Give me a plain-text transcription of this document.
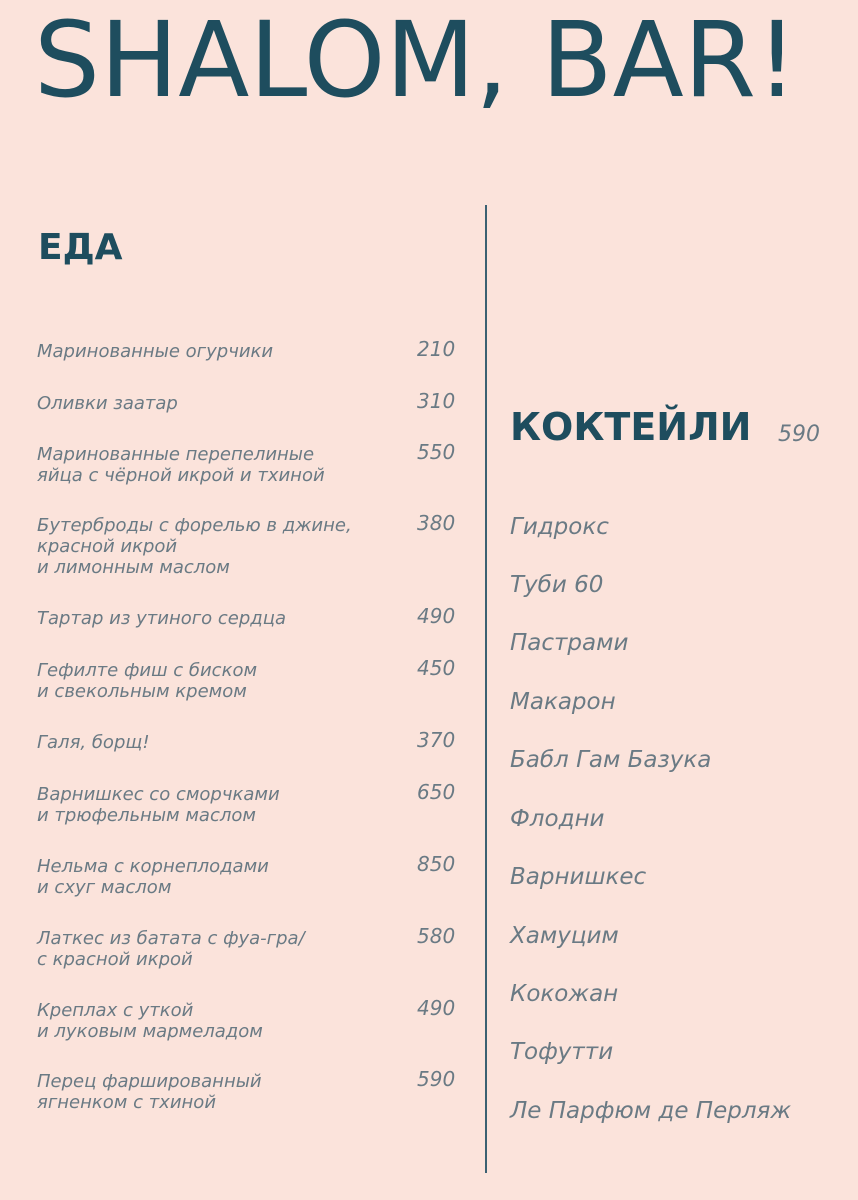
SHALOM, BAR!
ЕДА
Маринованные огурчики	210
Оливки заатар	310
Маринованные перепелиные
яйца с чёрной икрой и тхиной
550
Бутерброды с форелью в джине,
красной икрой
и лимонным маслом
380
Тартар из утиного сердца	490
Гефилте фиш с биском
и свекольным кремом
450
Галя, борщ!	370
Варнишкес со сморчками
и трюфельным маслом
650
Нельма с корнеплодами
и схуг маслом
850
Латкес из батата с фуа-гра/
с красной икрой
580
Креплах с уткой
и луковым мармеладом
490
Перец фаршированный
ягненком с тхиной
590
КОКТЕЙЛИ 590
Гидрокс
Туби 60
Пастрами
Макарон
Бабл Гам Базука
Флодни
Варнишкес
Хамуцим
Кокожан
Тофутти
Ле Парфюм де Перляж
